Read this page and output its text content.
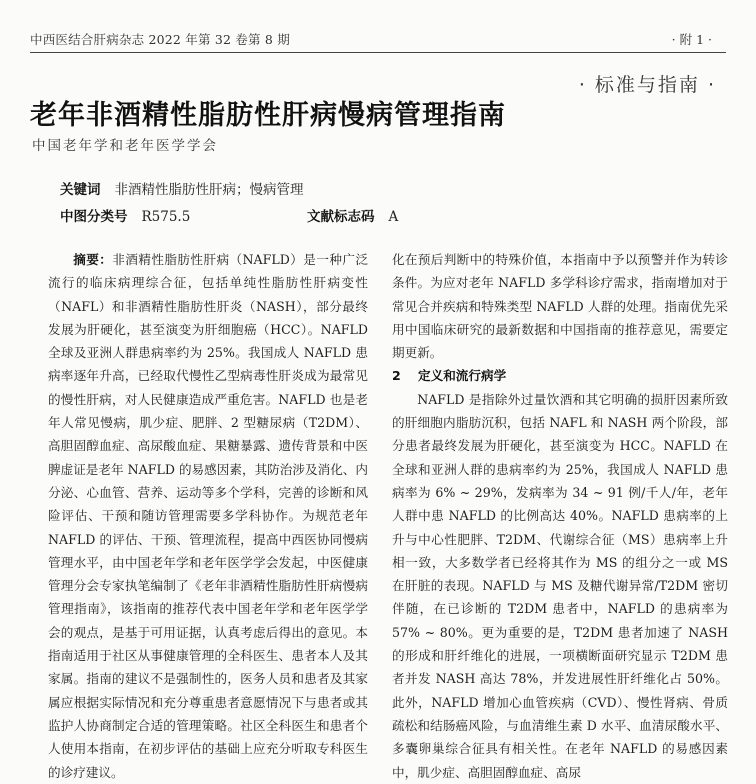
中西医结合肝病杂志 2022 年第 32 卷第 8 期	· 附 1 ·
· 标准与指南 ·
老年非酒精性脂肪性肝病慢病管理指南
中国老年学和老年医学学会
关键词 非酒精性脂肪性肝病；慢病管理
中图分类号 R575.5	文献标志码 A

摘要：非酒精性脂肪性肝病（NAFLD）是一种广泛流行的临床病理综合征，包括单纯性脂肪性肝病变性（NAFL）和非酒精性脂肪性肝炎（NASH），部分最终发展为肝硬化，甚至演变为肝细胞癌（HCC）。NAFLD 全球及亚洲人群患病率约为 25%。我国成人 NAFLD 患病率逐年升高，已经取代慢性乙型病毒性肝炎成为最常见的慢性肝病，对人民健康造成严重危害。NAFLD 也是老年人常见慢病，肌少症、肥胖、2 型糖尿病（T2DM）、高胆固醇血症、高尿酸血症、果糖暴露、遗传背景和中医脾虚证是老年 NAFLD 的易感因素，其防治涉及消化、内分泌、心血管、营养、运动等多个学科，完善的诊断和风险评估、干预和随访管理需要多学科协作。为规范老年 NAFLD 的评估、干预、管理流程，提高中西医协同慢病管理水平，由中国老年学和老年医学学会发起，中医健康管理分会专家执笔编制了《老年非酒精性脂肪性肝病慢病管理指南》，该指南的推荐代表中国老年学和老年医学学会的观点，是基于可用证据，认真考虑后得出的意见。本指南适用于社区从事健康管理的全科医生、患者本人及其家属。指南的建议不是强制性的，医务人员和患者及其家属应根据实际情况和充分尊重患者意愿情况下与患者或其监护人协商制定合适的管理策略。社区全科医生和患者个人使用本指南，在初步评估的基础上应充分听取专科医生的诊疗建议。

化在预后判断中的特殊价值，本指南中予以预警并作为转诊条件。为应对老年 NAFLD 多学科诊疗需求，指南增加对于常见合并疾病和特殊类型 NAFLD 人群的处理。指南优先采用中国临床研究的最新数据和中国指南的推荐意见，需要定期更新。

2 定义和流行病学

NAFLD 是指除外过量饮酒和其它明确的损肝因素所致的肝细胞内脂肪沉积，包括 NAFL 和 NASH 两个阶段，部分患者最终发展为肝硬化，甚至演变为 HCC。NAFLD 在全球和亚洲人群的患病率约为 25%，我国成人 NAFLD 患病率为 6% ~ 29%，发病率为 34 ~ 91 例/千人/年，老年人群中患 NAFLD 的比例高达 40%。NAFLD 患病率的上升与中心性肥胖、T2DM、代谢综合征（MS）患病率上升相一致，大多数学者已经将其作为 MS 的组分之一或 MS 在肝脏的表现。NAFLD 与 MS 及糖代谢异常/T2DM 密切伴随，在已诊断的 T2DM 患者中，NAFLD 的患病率为 57% ~ 80%。更为重要的是，T2DM 患者加速了 NASH 的形成和肝纤维化的进展，一项横断面研究显示 T2DM 患者并发 NASH 高达 78%，并发进展性肝纤维化占 50%。此外，NAFLD 增加心血管疾病（CVD）、慢性肾病、骨质疏松和结肠癌风险，与血清维生素 D 水平、血清尿酸水平、多囊卵巢综合征具有相关性。在老年 NAFLD 的易感因素中，肌少症、高胆固醇血症、高尿
